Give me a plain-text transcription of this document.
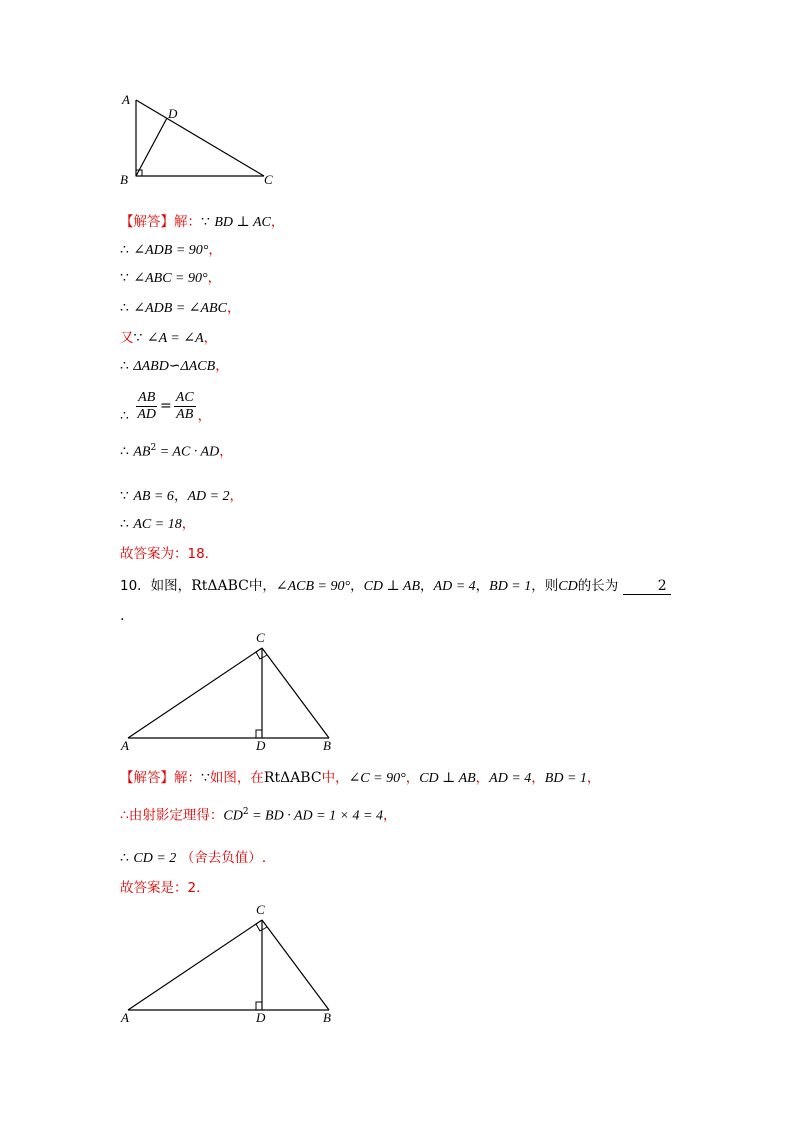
A
D
B	C
【解答】解：∵ BD ⊥ AC，
∴ ∠ADB = 90°，
∵ ∠ABC = 90°，
∴ ∠ADB = ∠ABC，
又∵ ∠A = ∠A，
∴ ΔABD∽ΔACB，
∴ $\frac{AB}{AD} = \frac{AC}{AB}$ ，
∴ $AB^2$ = AC · AD，
∵ AB = 6，AD = 2，
∴ AC = 18，
故答案为：18.
10．如图，RtΔABC中，∠ACB = 90°，CD ⊥ AB，AD = 4，BD = 1，则CD的长为	2
.
C
A	D	B
【解答】解：∵如图，在RtΔABC中，∠C = 90°，CD ⊥ AB，AD = 4，BD = 1，
∴由射影定理得：$CD^2$ = BD · AD = 1 × 4 = 4，
∴ CD = 2 （舍去负值）.
故答案是：2.
C
A	D	B
